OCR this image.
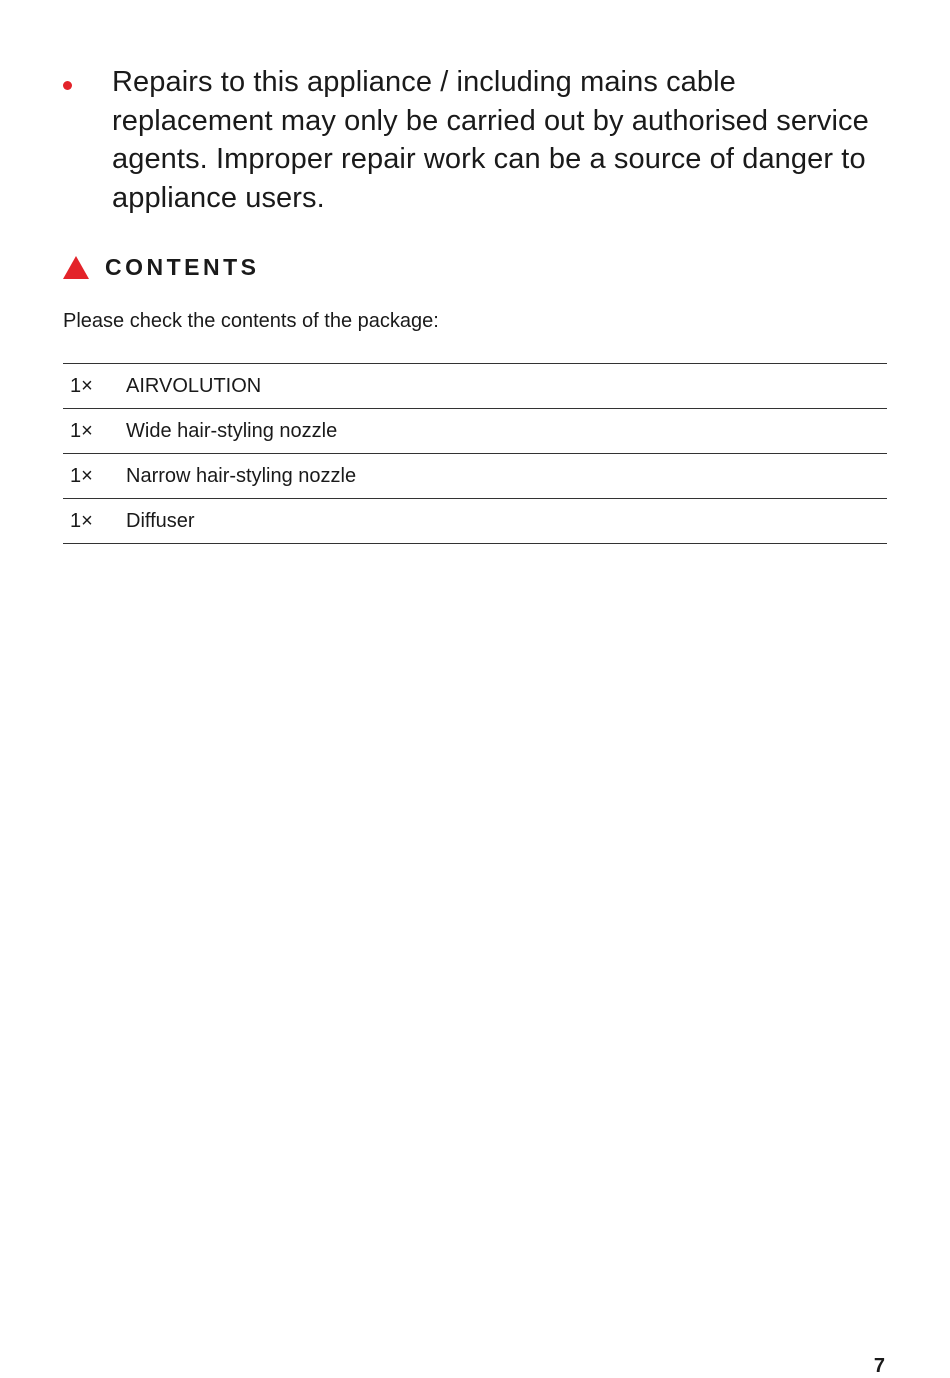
Repairs to this appliance / including mains cable replacement may only be carried out by authorised service agents. Improper repair work can be a source of danger to appliance users.
CONTENTS
Please check the contents of the package:
1×	AIRVOLUTION
1×	Wide hair-styling nozzle
1×	Narrow hair-styling nozzle
1×	Diffuser
7
